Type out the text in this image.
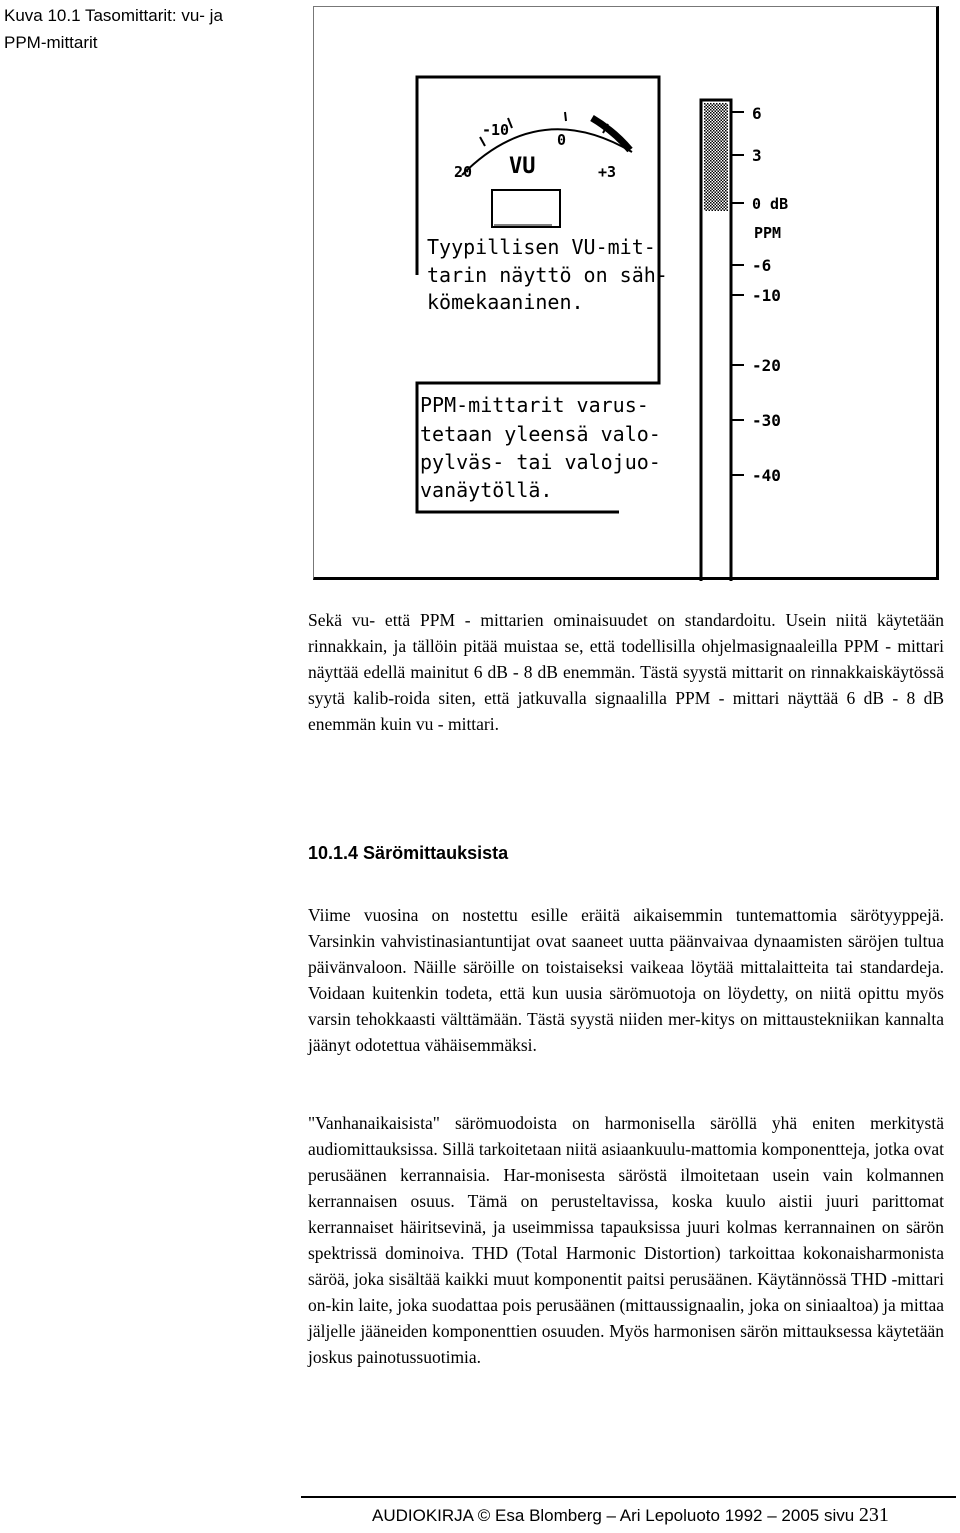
Kuva 10.1 Tasomittarit: vu- ja
PPM-mittarit
20
-10
0
+3
VU
Tyypillisen VU-mit-
tarin näyttö on säh-
kömekaaninen.
PPM-mittarit varus-
tetaan yleensä valo-
pylväs- tai valojuo-
vanäytöllä.
6
3
0 dB
PPM
-6
-10
-20
-30
-40

Sekä vu- että PPM - mittarien ominaisuudet on standardoitu. Usein niitä käytetään rinnakkain, ja tällöin pitää muistaa se, että todellisilla ohjelmasignaaleilla PPM - mittari näyttää edellä mainitut 6 dB - 8 dB enemmän. Tästä syystä mittarit on rinnakkaiskäytössä syytä kalib-roida siten, että jatkuvalla signaalilla PPM - mittari näyttää 6 dB - 8 dB enemmän kuin vu - mittari.

10.1.4 Särömittauksista

Viime vuosina on nostettu esille eräitä aikaisemmin tuntemattomia särötyyppejä. Varsinkin vahvistinasiantuntijat ovat saaneet uutta päänvaivaa dynaamisten säröjen tultua päivänvaloon. Näille säröille on toistaiseksi vaikeaa löytää mittalaitteita tai standardeja. Voidaan kuitenkin todeta, että kun uusia särömuotoja on löydetty, on niitä opittu myös varsin tehokkaasti välttämään. Tästä syystä niiden mer-kitys on mittaustekniikan kannalta jäänyt odotettua vähäisemmäksi.

"Vanhanaikaisista" särömuodoista on harmonisella säröllä yhä eniten merkitystä audiomittauksissa. Sillä tarkoitetaan niitä asiaankuulu-mattomia komponentteja, jotka ovat perusäänen kerrannaisia. Har-monisesta säröstä ilmoitetaan usein vain kolmannen kerrannaisen osuus. Tämä on perusteltavissa, koska kuulo aistii juuri parittomat kerrannaiset häiritsevinä, ja useimmissa tapauksissa juuri kolmas kerrannainen on särön spektrissä dominoiva. THD (Total Harmonic Distortion) tarkoittaa kokonaisharmonista säröä, joka sisältää kaikki muut komponentit paitsi perusäänen. Käytännössä THD -mittari on-kin laite, joka suodattaa pois perusäänen (mittaussignaalin, joka on siniaaltoa) ja mittaa jäljelle jääneiden komponenttien osuuden. Myös harmonisen särön mittauksessa käytetään joskus painotussuotimia.

AUDIOKIRJA © Esa Blomberg – Ari Lepoluoto 1992 – 2005 sivu 231
